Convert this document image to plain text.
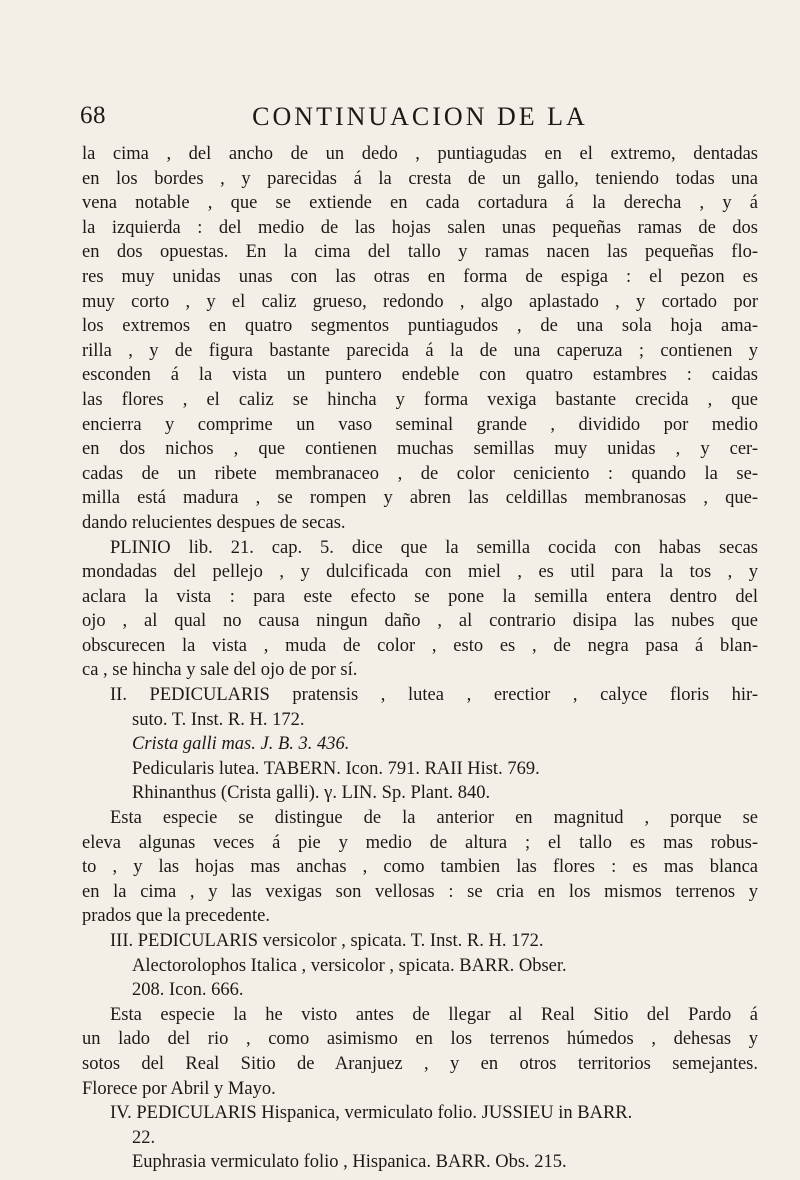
68	CONTINUACION DE LA
la cima , del ancho de un dedo , puntiagudas en el extremo, dentadas
en los bordes , y parecidas á la cresta de un gallo, teniendo todas una
vena notable , que se extiende en cada cortadura á la derecha , y á
la izquierda : del medio de las hojas salen unas pequeñas ramas de dos
en dos opuestas. En la cima del tallo y ramas nacen las pequeñas flo-
res muy unidas unas con las otras en forma de espiga : el pezon es
muy corto , y el caliz grueso, redondo , algo aplastado , y cortado por
los extremos en quatro segmentos puntiagudos , de una sola hoja ama-
rilla , y de figura bastante parecida á la de una caperuza ; contienen y
esconden á la vista un puntero endeble con quatro estambres : caidas
las flores , el caliz se hincha y forma vexiga bastante crecida , que
encierra y comprime un vaso seminal grande , dividido por medio
en dos nichos , que contienen muchas semillas muy unidas , y cer-
cadas de un ribete membranaceo , de color ceniciento : quando la se-
milla está madura , se rompen y abren las celdillas membranosas , que-
dando relucientes despues de secas.
PLINIO lib. 21. cap. 5. dice que la semilla cocida con habas secas
mondadas del pellejo , y dulcificada con miel , es util para la tos , y
aclara la vista : para este efecto se pone la semilla entera dentro del
ojo , al qual no causa ningun daño , al contrario disipa las nubes que
obscurecen la vista , muda de color , esto es , de negra pasa á blan-
ca , se hincha y sale del ojo de por sí.
II. PEDICULARIS pratensis , lutea , erectior , calyce floris hir-
suto. T. Inst. R. H. 172.
Crista galli mas. J. B. 3. 436.
Pedicularis lutea. TABERN. Icon. 791. RAII Hist. 769.
Rhinanthus (Crista galli). γ. LIN. Sp. Plant. 840.
Esta especie se distingue de la anterior en magnitud , porque se
eleva algunas veces á pie y medio de altura ; el tallo es mas robus-
to , y las hojas mas anchas , como tambien las flores : es mas blanca
en la cima , y las vexigas son vellosas : se cria en los mismos terrenos y
prados que la precedente.
III. PEDICULARIS versicolor , spicata. T. Inst. R. H. 172.
Alectorolophos Italica , versicolor , spicata. BARR. Obser.
208. Icon. 666.
Esta especie la he visto antes de llegar al Real Sitio del Pardo á
un lado del rio , como asimismo en los terrenos húmedos , dehesas y
sotos del Real Sitio de Aranjuez , y en otros territorios semejantes.
Florece por Abril y Mayo.
IV. PEDICULARIS Hispanica, vermiculato folio. JUSSIEU in BARR.
22.
Euphrasia vermiculato folio , Hispanica. BARR. Obs. 215.
